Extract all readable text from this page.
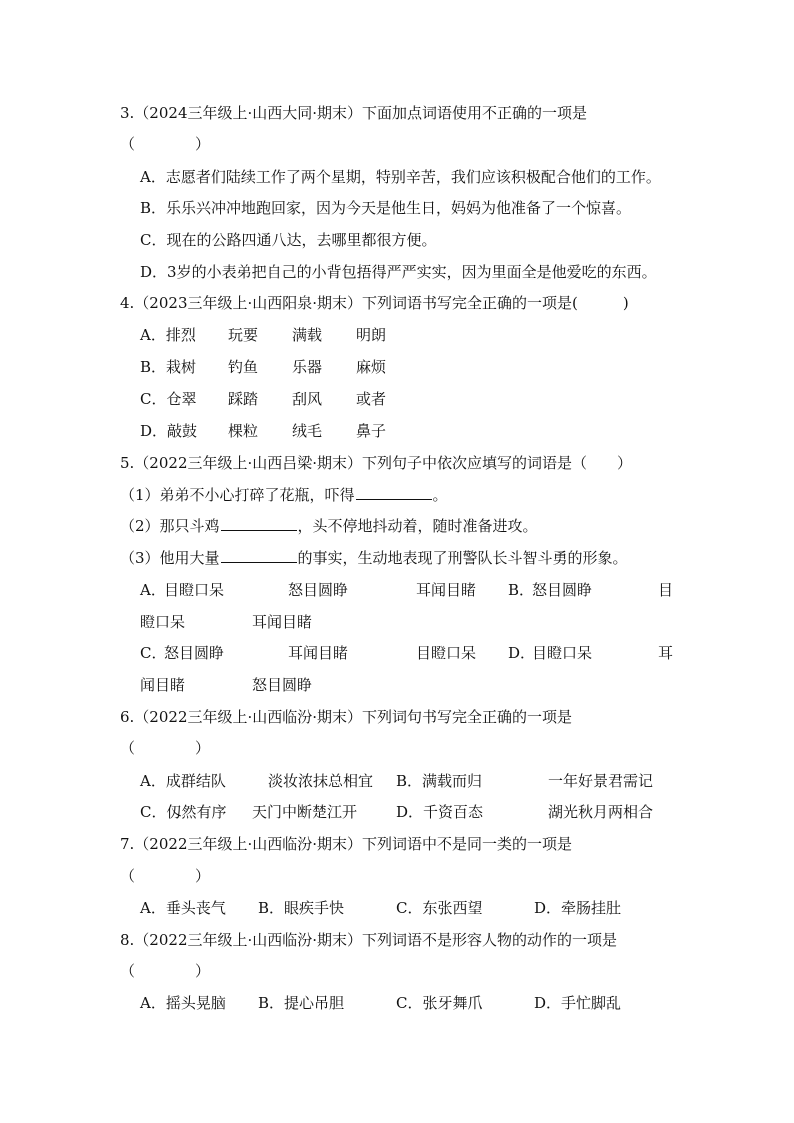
3.（2024三年级上·山西大同·期末）下面加点词语使用不正确的一项是
（　　　　）
A．志愿者们陆续工作了两个星期，特别辛苦，我们应该积极配合他们的工作。
B．乐乐兴冲冲地跑回家，因为今天是他生日，妈妈为他准备了一个惊喜。
C．现在的公路四通八达，去哪里都很方便。
D．3岁的小表弟把自己的小背包捂得严严实实，因为里面全是他爱吃的东西。
4.（2023三年级上·山西阳泉·期末）下列词语书写完全正确的一项是(　　　)
A．排烈 玩要 满载 明朗
B．栽树 钓鱼 乐器 麻烦
C．仓翠 踩踏 刮风 或者
D．敲鼓 棵粒 绒毛 鼻子
5.（2022三年级上·山西吕梁·期末）下列句子中依次应填写的词语是（　　）
（1）弟弟不小心打碎了花瓶，吓得	。
（2）那只斗鸡	，头不停地抖动着，随时准备进攻。
（3）他用大量	的事实，生动地表现了刑警队长斗智斗勇的形象。
A．
目瞪口呆	怒目圆睁	耳闻目睹 B．
怒目圆睁	目
瞪口呆	耳闻目睹
C．
怒目圆睁	耳闻目睹	目瞪口呆 D．
目瞪口呆	耳
闻目睹	怒目圆睁
6.（2022三年级上·山西临汾·期末）下列词句书写完全正确的一项是
（　　　　）
A．成群结队	淡妆浓抹总相宜 B．满载而归	一年好景君需记
C．仭然有序 天门中断楚江开	D．千资百态	湖光秋月两相合
7.（2022三年级上·山西临汾·期末）下列词语中不是同一类的一项是
（　　　　）
A．垂头丧气 B．眼疾手快	C．东张西望	D．牵肠挂肚
8.（2022三年级上·山西临汾·期末）下列词语不是形容人物的动作的一项是
（　　　　）
A．摇头晃脑 B．提心吊胆	C．张牙舞爪	D．手忙脚乱
